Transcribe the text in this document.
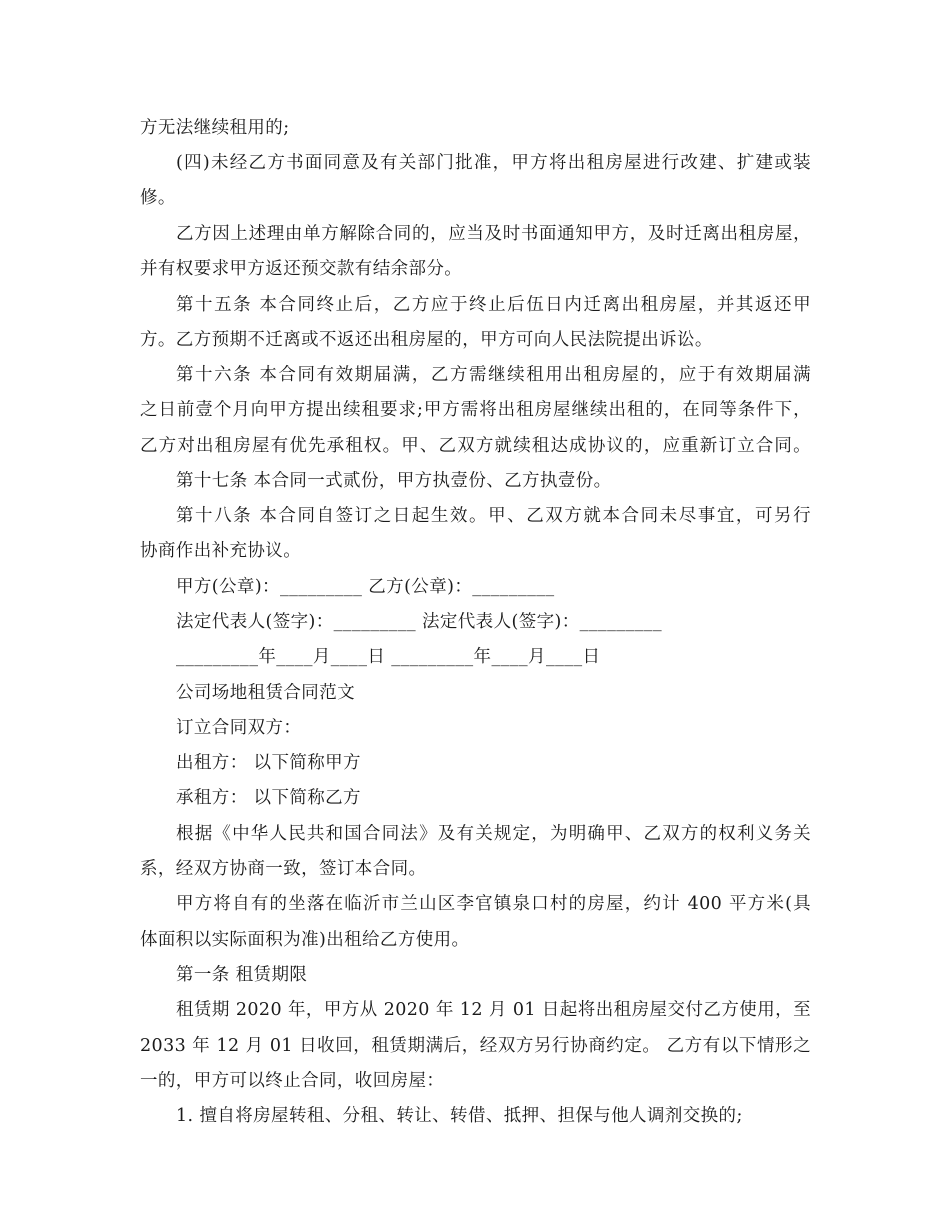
方无法继续租用的;
(四)未经乙方书面同意及有关部门批准，甲方将出租房屋进行改建、扩建或装
修。
乙方因上述理由单方解除合同的，应当及时书面通知甲方，及时迁离出租房屋，
并有权要求甲方返还预交款有结余部分。
第十五条 本合同终止后，乙方应于终止后伍日内迁离出租房屋，并其返还甲
方。乙方预期不迁离或不返还出租房屋的，甲方可向人民法院提出诉讼。
第十六条 本合同有效期届满，乙方需继续租用出租房屋的，应于有效期届满
之日前壹个月向甲方提出续租要求;甲方需将出租房屋继续出租的，在同等条件下，
乙方对出租房屋有优先承租权。甲、乙双方就续租达成协议的，应重新订立合同。
第十七条 本合同一式贰份，甲方执壹份、乙方执壹份。
第十八条 本合同自签订之日起生效。甲、乙双方就本合同未尽事宜，可另行
协商作出补充协议。
甲方(公章)：_________ 乙方(公章)：_________
法定代表人(签字)：_________ 法定代表人(签字)：_________
_________年____月____日 _________年____月____日
公司场地租赁合同范文
订立合同双方：
出租方： 以下简称甲方
承租方： 以下简称乙方
根据《中华人民共和国合同法》及有关规定，为明确甲、乙双方的权利义务关
系，经双方协商一致，签订本合同。
甲方将自有的坐落在临沂市兰山区李官镇泉口村的房屋，约计 400 平方米(具
体面积以实际面积为准)出租给乙方使用。
第一条 租赁期限
租赁期 2020 年，甲方从 2020 年 12 月 01 日起将出租房屋交付乙方使用，至
2033 年 12 月 01 日收回，租赁期满后，经双方另行协商约定。 乙方有以下情形之
一的，甲方可以终止合同，收回房屋：
1. 擅自将房屋转租、分租、转让、转借、抵押、担保与他人调剂交换的;
